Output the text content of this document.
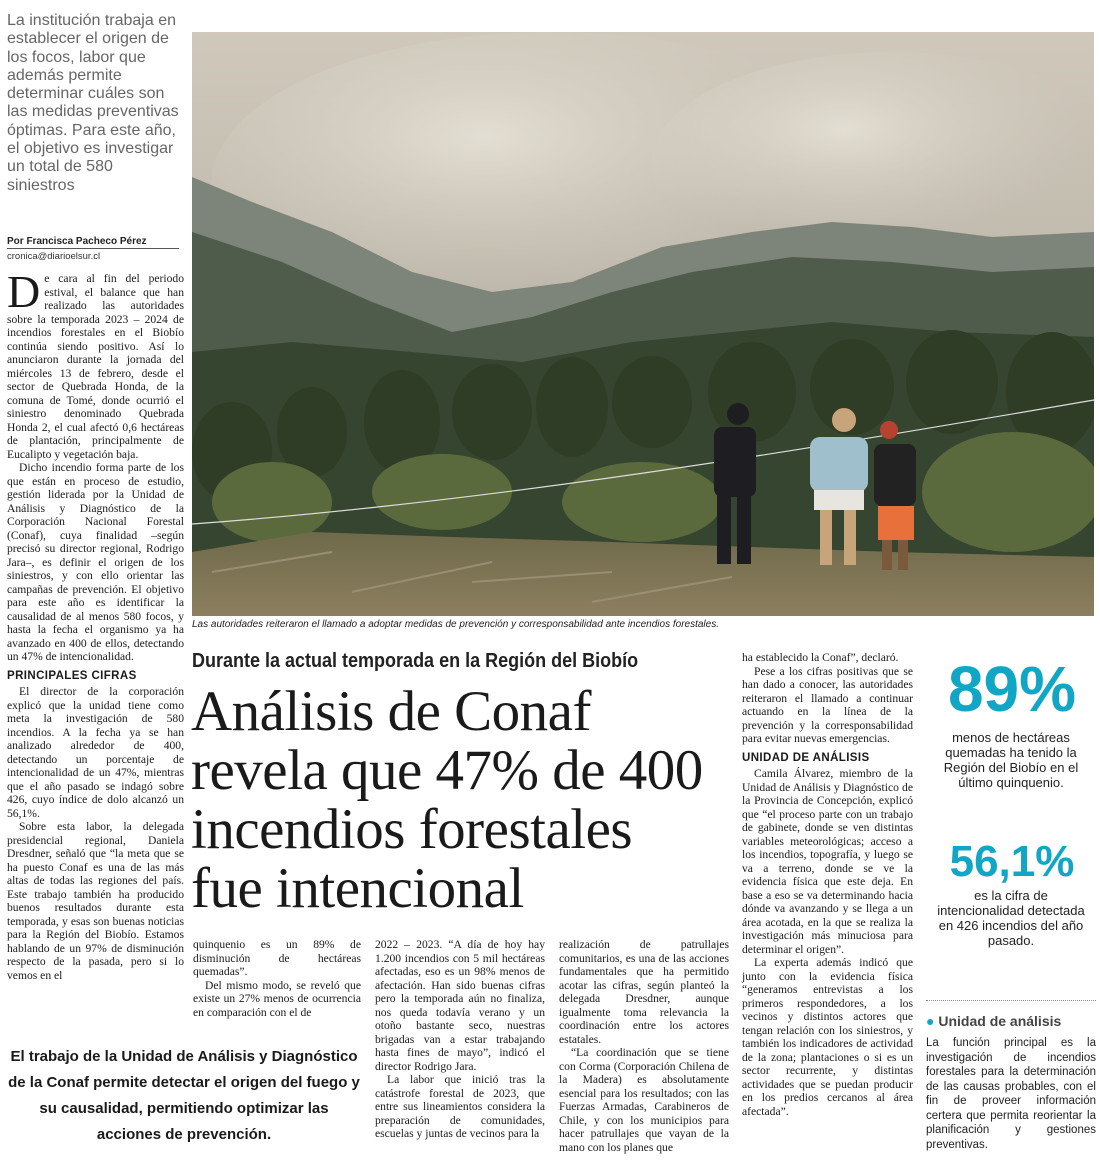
La institución trabaja en establecer el origen de los focos, labor que además permite determinar cuáles son las medidas preventivas óptimas. Para este año, el objetivo es investigar un total de 580 siniestros
Por Francisca Pacheco Pérez
cronica@diarioelsur.cl

De cara al fin del periodo estival, el balance que han realizado las autoridades sobre la temporada 2023 – 2024 de incendios forestales en el Biobío continúa siendo positivo. Así lo anunciaron durante la jornada del miércoles 13 de febrero, desde el sector de Quebrada Honda, de la comuna de Tomé, donde ocurrió el siniestro denominado Quebrada Honda 2, el cual afectó 0,6 hectáreas de plantación, principalmente de Eucalipto y vegetación baja.

Dicho incendio forma parte de los que están en proceso de estudio, gestión liderada por la Unidad de Análisis y Diagnóstico de la Corporación Nacional Forestal (Conaf), cuya finalidad –según precisó su director regional, Rodrigo Jara–, es definir el origen de los siniestros, y con ello orientar las campañas de prevención. El objetivo para este año es identificar la causalidad de al menos 580 focos, y hasta la fecha el organismo ya ha avanzado en 400 de ellos, detectando un 47% de intencionalidad.

PRINCIPALES CIFRAS

El director de la corporación explicó que la unidad tiene como meta la investigación de 580 incendios. A la fecha ya se han analizado alrededor de 400, detectando un porcentaje de intencionalidad de un 47%, mientras que el año pasado se indagó sobre 426, cuyo índice de dolo alcanzó un 56,1%.

Sobre esta labor, la delegada presidencial regional, Daniela Dresdner, señaló que “la meta que se ha puesto Conaf es una de las más altas de todas las regiones del país. Este trabajo también ha producido buenos resultados durante esta temporada, y esas son buenas noticias para la Región del Biobío. Estamos hablando de un 97% de disminución respecto de la pasada, pero si lo vemos en el

El trabajo de la Unidad de Análisis y Diagnóstico de la Conaf permite detectar el origen del fuego y su causalidad, permitiendo optimizar las acciones de prevención.
Las autoridades reiteraron el llamado a adoptar medidas de prevención y corresponsabilidad ante incendios forestales.
Durante la actual temporada en la Región del Biobío
Análisis de Conaf
revela que 47% de 400
incendios forestales
fue intencional

quinquenio es un 89% de disminución de hectáreas quemadas”.

Del mismo modo, se reveló que existe un 27% menos de ocurrencia en comparación con el de

2022 – 2023. “A día de hoy hay 1.200 incendios con 5 mil hectáreas afectadas, eso es un 98% menos de afectación. Han sido buenas cifras pero la temporada aún no finaliza, nos queda todavía verano y un otoño bastante seco, nuestras brigadas van a estar trabajando hasta fines de mayo”, indicó el director Rodrigo Jara.

La labor que inició tras la catástrofe forestal de 2023, que entre sus lineamientos considera la preparación de comunidades, escuelas y juntas de vecinos para la

realización de patrullajes comunitarios, es una de las acciones fundamentales que ha permitido acotar las cifras, según planteó la delegada Dresdner, aunque igualmente toma relevancia la coordinación entre los actores estatales.

“La coordinación que se tiene con Corma (Corporación Chilena de la Madera) es absolutamente esencial para los resultados; con las Fuerzas Armadas, Carabineros de Chile, y con los municipios para hacer patrullajes que vayan de la mano con los planes que

ha establecido la Conaf”, declaró.

Pese a los cifras positivas que se han dado a conocer, las autoridades reiteraron el llamado a continuar actuando en la línea de la prevención y la corresponsabilidad para evitar nuevas emergencias.

UNIDAD DE ANÁLISIS

Camila Álvarez, miembro de la Unidad de Análisis y Diagnóstico de la Provincia de Concepción, explicó que “el proceso parte con un trabajo de gabinete, donde se ven distintas variables meteorológicas; acceso a los incendios, topografía, y luego se va a terreno, donde se ve la evidencia física que este deja. En base a eso se va determinando hacia dónde va avanzando y se llega a un área acotada, en la que se realiza la investigación más minuciosa para determinar el origen”.

La experta además indicó que junto con la evidencia física “generamos entrevistas a los primeros respondedores, a los vecinos y distintos actores que tengan relación con los siniestros, y también los indicadores de actividad de la zona; plantaciones o si es un sector recurrente, y distintas actividades que se puedan producir en los predios cercanos al área afectada”.

89%
menos de hectáreas quemadas ha tenido la Región del Biobío en el último quinquenio.
56,1%
es la cifra de intencionalidad detectada en 426 incendios del año pasado.
● Unidad de análisis
La función principal es la investigación de incendios forestales para la determinación de las causas probables, con el fin de proveer información certera que permita reorientar la planificación y gestiones preventivas.
